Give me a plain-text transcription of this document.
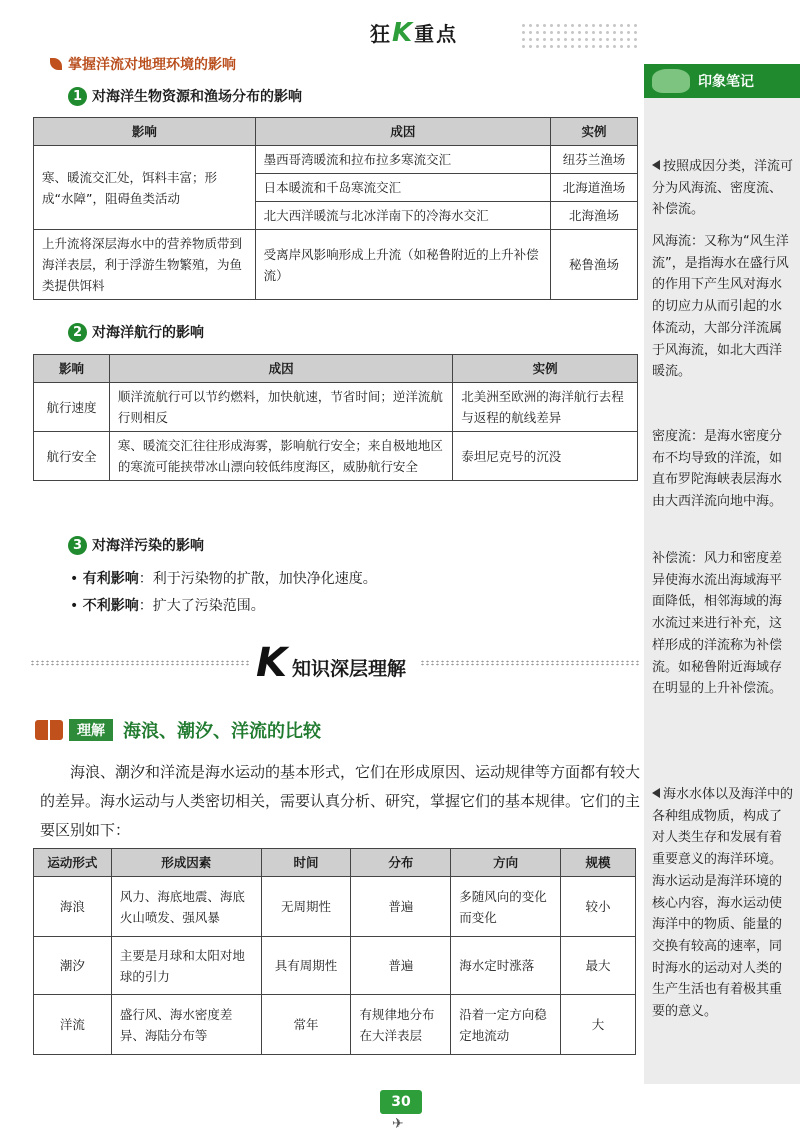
狂K重点
掌握洋流对地理环境的影响
1 对海洋生物资源和渔场分布的影响
影响	成因	实例
寒、暖流交汇处，饵料丰富；形成“水障”，阻碍鱼类活动	墨西哥湾暖流和拉布拉多寒流交汇	纽芬兰渔场
	日本暖流和千岛寒流交汇	北海道渔场
	北大西洋暖流与北冰洋南下的冷海水交汇	北海渔场
上升流将深层海水中的营养物质带到海洋表层，利于浮游生物繁殖，为鱼类提供饵料	受离岸风影响形成上升流（如秘鲁附近的上升补偿流）	秘鲁渔场
2 对海洋航行的影响
影响	成因	实例
航行速度	顺洋流航行可以节约燃料，加快航速，节省时间；逆洋流航行则相反	北美洲至欧洲的海洋航行去程与返程的航线差异
航行安全	寒、暖流交汇往往形成海雾，影响航行安全；来自极地地区的寒流可能挟带冰山漂向较低纬度海区，威胁航行安全	泰坦尼克号的沉没
3 对海洋污染的影响
• 有利影响：利于污染物的扩散，加快净化速度。
• 不利影响：扩大了污染范围。
K 知识深层理解
理解	海浪、潮汐、洋流的比较
海浪、潮汐和洋流是海水运动的基本形式，它们在形成原因、运动规律等方面都有较大的差异。海水运动与人类密切相关，需要认真分析、研究，掌握它们的基本规律。它们的主要区别如下：
运动形式	形成因素	时间	分布	方向	规模
海浪	风力、海底地震、海底火山喷发、强风暴	无周期性	普遍	多随风向的变化而变化	较小
潮汐	主要是月球和太阳对地球的引力	具有周期性	普遍	海水定时涨落	最大
洋流	盛行风、海水密度差异、海陆分布等	常年	有规律地分布在大洋表层	沿着一定方向稳定地流动	大
30
✈
印象笔记
按照成因分类，洋流可分为风海流、密度流、补偿流。
风海流：又称为“风生洋流”，是指海水在盛行风的作用下产生风对海水的切应力从而引起的水体流动，大部分洋流属于风海流，如北大西洋暖流。
密度流：是海水密度分布不均导致的洋流，如直布罗陀海峡表层海水由大西洋流向地中海。
补偿流：风力和密度差异使海水流出海域海平面降低，相邻海域的海水流过来进行补充，这样形成的洋流称为补偿流。如秘鲁附近海域存在明显的上升补偿流。
海水水体以及海洋中的各种组成物质，构成了对人类生存和发展有着重要意义的海洋环境。海水运动是海洋环境的核心内容，海水运动使海洋中的物质、能量的交换有较高的速率，同时海水的运动对人类的生产生活也有着极其重要的意义。
